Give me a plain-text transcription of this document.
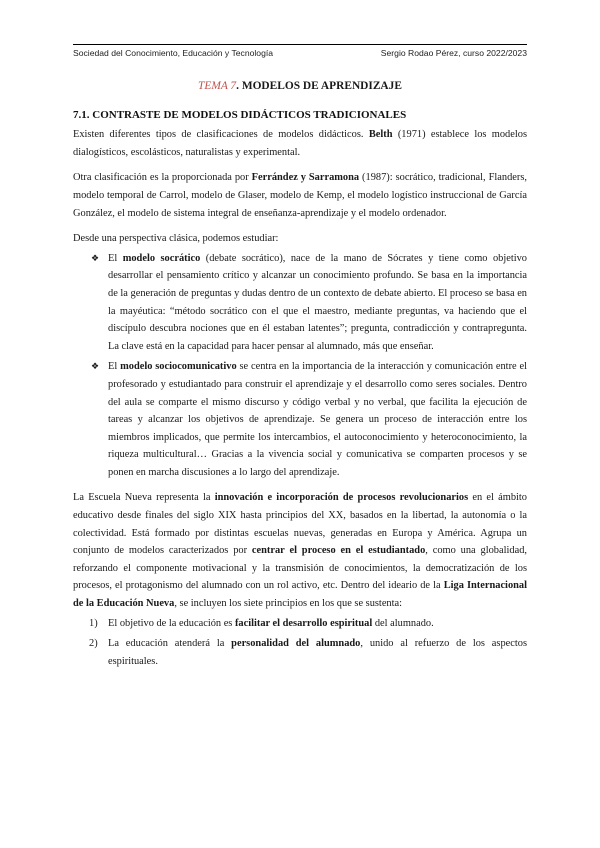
Sociedad del Conocimiento, Educación y Tecnología	Sergio Rodao Pérez, curso 2022/2023
TEMA 7. MODELOS DE APRENDIZAJE
7.1. CONTRASTE DE MODELOS DIDÁCTICOS TRADICIONALES

Existen diferentes tipos de clasificaciones de modelos didácticos. Belth (1971) establece los modelos dialogísticos, escolásticos, naturalistas y experimental.

Otra clasificación es la proporcionada por Ferrández y Sarramona (1987): socrático, tradicional, Flanders, modelo temporal de Carrol, modelo de Glaser, modelo de Kemp, el modelo logístico instruccional de García González, el modelo de sistema integral de enseñanza-aprendizaje y el modelo ordenador.

Desde una perspectiva clásica, podemos estudiar:

❖ El modelo socrático (debate socrático), nace de la mano de Sócrates y tiene como objetivo desarrollar el pensamiento crítico y alcanzar un conocimiento profundo. Se basa en la importancia de la generación de preguntas y dudas dentro de un contexto de debate abierto. El proceso se basa en la mayéutica: “método socrático con el que el maestro, mediante preguntas, va haciendo que el discípulo descubra nociones que en él estaban latentes”; pregunta, contradicción y contrapregunta. La clave está en la capacidad para hacer pensar al alumnado, más que enseñar.
❖ El modelo sociocomunicativo se centra en la importancia de la interacción y comunicación entre el profesorado y estudiantado para construir el aprendizaje y el desarrollo como seres sociales. Dentro del aula se comparte el mismo discurso y código verbal y no verbal, que facilita la ejecución de tareas y alcanzar los objetivos de aprendizaje. Se genera un proceso de interacción entre los miembros implicados, que permite los intercambios, el autoconocimiento y heteroconocimiento, la riqueza multicultural… Gracias a la vivencia social y comunicativa se comparten procesos y se ponen en marcha discusiones a lo largo del aprendizaje.

La Escuela Nueva representa la innovación e incorporación de procesos revolucionarios en el ámbito educativo desde finales del siglo XIX hasta principios del XX, basados en la libertad, la autonomía o la colectividad. Está formado por distintas escuelas nuevas, generadas en Europa y América. Agrupa un conjunto de modelos caracterizados por centrar el proceso en el estudiantado, como una globalidad, reforzando el componente motivacional y la transmisión de conocimientos, la democratización de los procesos, el protagonismo del alumnado con un rol activo, etc. Dentro del ideario de la Liga Internacional de la Educación Nueva, se incluyen los siete principios en los que se sustenta:

1) El objetivo de la educación es facilitar el desarrollo espiritual del alumnado.
2) La educación atenderá la personalidad del alumnado, unido al refuerzo de los aspectos espirituales.
